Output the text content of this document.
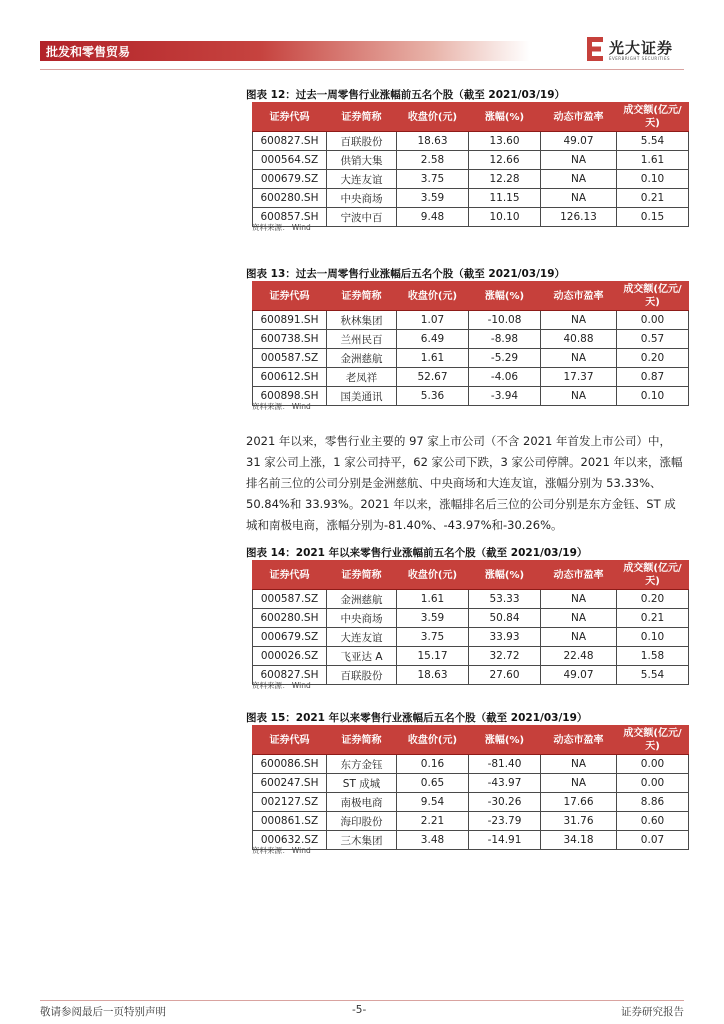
批发和零售贸易	光大证券
EVERBRIGHT SECURITIES
图表 12：过去一周零售行业涨幅前五名个股（截至 2021/03/19）
证券代码	证券简称	收盘价(元)	涨幅(%)	动态市盈率	成交额(亿元/天)
600827.SH	百联股份	18.63	13.60	49.07	5.54
000564.SZ	供销大集	2.58	12.66	NA	1.61
000679.SZ	大连友谊	3.75	12.28	NA	0.10
600280.SH	中央商场	3.59	11.15	NA	0.21
600857.SH	宁波中百	9.48	10.10	126.13	0.15
资料来源： Wind
图表 13：过去一周零售行业涨幅后五名个股（截至 2021/03/19）
证券代码	证券简称	收盘价(元)	涨幅(%)	动态市盈率	成交额(亿元/天)
600891.SH	秋林集团	1.07	-10.08	NA	0.00
600738.SH	兰州民百	6.49	-8.98	40.88	0.57
000587.SZ	金洲慈航	1.61	-5.29	NA	0.20
600612.SH	老凤祥	52.67	-4.06	17.37	0.87
600898.SH	国美通讯	5.36	-3.94	NA	0.10
资料来源： Wind

2021 年以来，零售行业主要的 97 家上市公司（不含 2021 年首发上市公司）中，31 家公司上涨，1 家公司持平，62 家公司下跌，3 家公司停牌。2021 年以来，涨幅排名前三位的公司分别是金洲慈航、中央商场和大连友谊，涨幅分别为 53.33%、50.84%和 33.93%。2021 年以来，涨幅排名后三位的公司分别是东方金钰、ST 成城和南极电商，涨幅分别为-81.40%、-43.97%和-30.26%。

图表 14：2021 年以来零售行业涨幅前五名个股（截至 2021/03/19）
证券代码	证券简称	收盘价(元)	涨幅(%)	动态市盈率	成交额(亿元/天)
000587.SZ	金洲慈航	1.61	53.33	NA	0.20
600280.SH	中央商场	3.59	50.84	NA	0.21
000679.SZ	大连友谊	3.75	33.93	NA	0.10
000026.SZ	飞亚达 A	15.17	32.72	22.48	1.58
600827.SH	百联股份	18.63	27.60	49.07	5.54
资料来源： Wind
图表 15：2021 年以来零售行业涨幅后五名个股（截至 2021/03/19）
证券代码	证券简称	收盘价(元)	涨幅(%)	动态市盈率	成交额(亿元/天)
600086.SH	东方金钰	0.16	-81.40	NA	0.00
600247.SH	ST 成城	0.65	-43.97	NA	0.00
002127.SZ	南极电商	9.54	-30.26	17.66	8.86
000861.SZ	海印股份	2.21	-23.79	31.76	0.60
000632.SZ	三木集团	3.48	-14.91	34.18	0.07
资料来源： Wind
敬请参阅最后一页特别声明	-5-	证券研究报告
